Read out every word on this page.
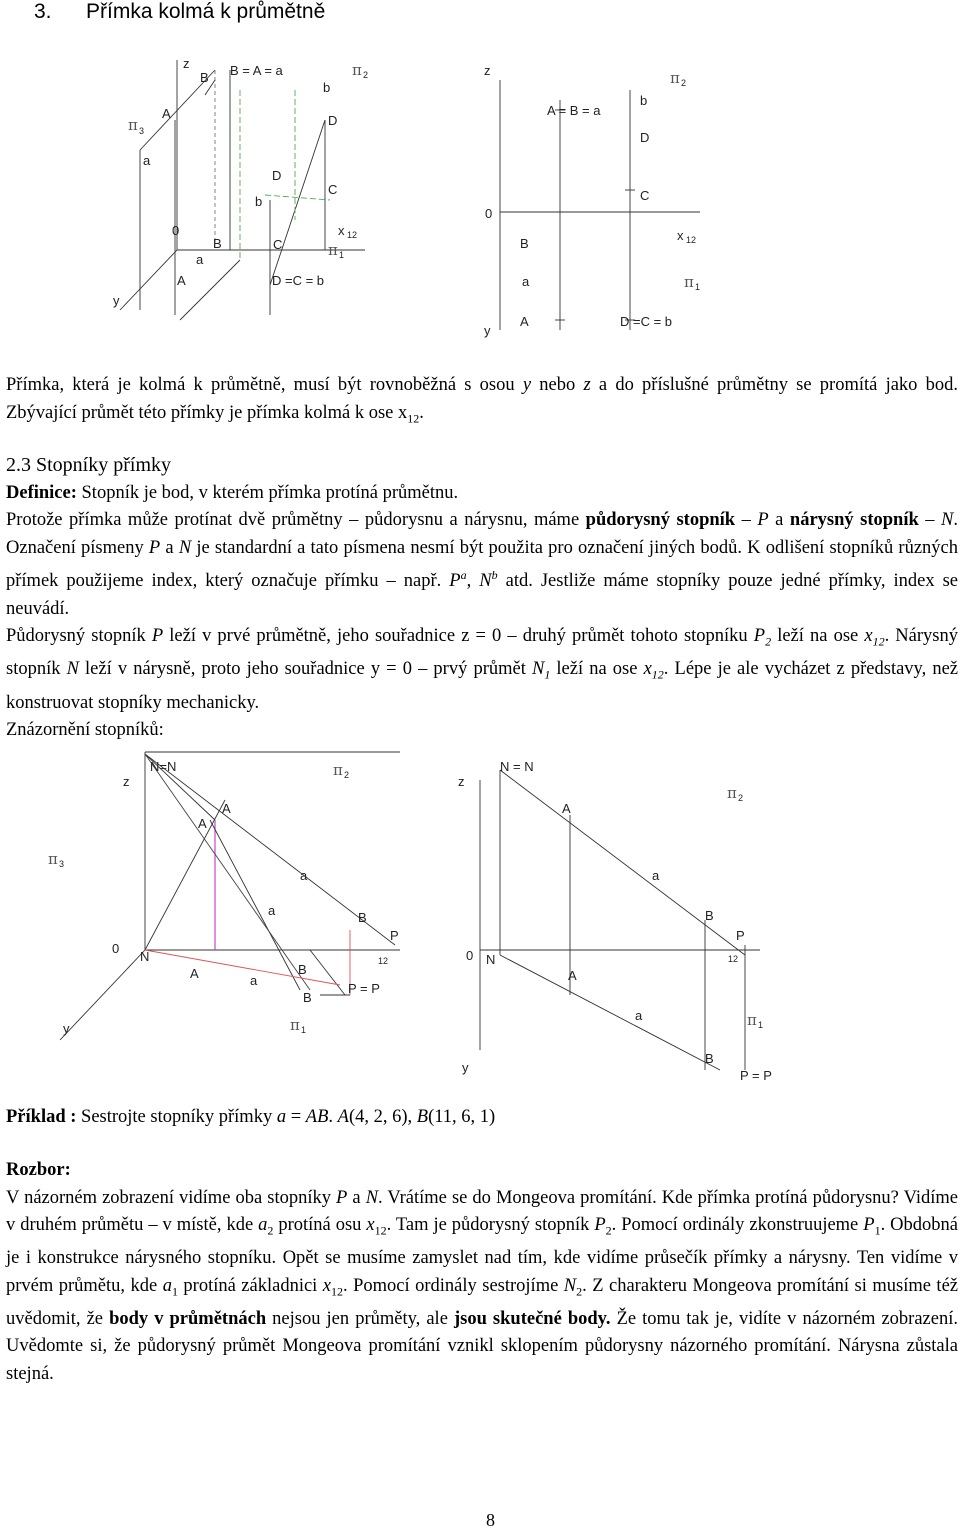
3. Přímka kolmá k průmětně
π 3
z
B B = A = a
b
π 2
A	D
a
D
C
b
0	x 12
B	C	π 1
a
A	D =C = b
y
z	π 2
b
A = B = a
D
C
0
x 12
B
π 1
a
A	D =C = b
y

Přímka, která je kolmá k průmětně, musí být rovnoběžná s osou y nebo z a do příslušné průmětny se promítá jako bod. Zbývající průmět této přímky je přímka kolmá k ose $x_{12}$.

2.3 Stopníky přímky

Definice: Stopník je bod, v kterém přímka protíná průmětnu.

Protože přímka může protínat dvě průmětny – půdorysnu a nárysnu, máme půdorysný stopník – P a nárysný stopník – N. Označení písmeny P a N je standardní a tato písmena nesmí být použita pro označení jiných bodů. K odlišení stopníků různých přímek použijeme index, který označuje přímku – např. $P^a$, $N^b$ atd. Jestliže máme stopníky pouze jedné přímky, index se neuvádí.

Půdorysný stopník P leží v prvé průmětně, jeho souřadnice z = 0 – druhý průmět tohoto stopníku $P_2$ leží na ose $x_{12}$. Nárysný stopník N leží v nárysně, proto jeho souřadnice y = 0 – prvý průmět $N_1$ leží na ose $x_{12}$. Lépe je ale vycházet z představy, než konstruovat stopníky mechanicky.

Znázornění stopníků:

N=N
z
π 2
A
A
π 3
a
a	B
P
0
N	12
A	B
a
P = P
B
π 1
y
N = N
z
π 2
A
a
B
P
0 N	12
A
a	π 1
B
P = P
y

Příklad : Sestrojte stopníky přímky a = AB. A(4, 2, 6), B(11, 6, 1)

Rozbor:

V názorném zobrazení vidíme oba stopníky P a N. Vrátíme se do Mongeova promítání. Kde přímka protíná půdorysnu? Vidíme v druhém průmětu – v místě, kde $a_2$ protíná osu $x_{12}$. Tam je půdorysný stopník $P_2$. Pomocí ordinály zkonstruujeme $P_1$. Obdobná je i konstrukce nárysného stopníku. Opět se musíme zamyslet nad tím, kde vidíme průsečík přímky a nárysny. Ten vidíme v prvém průmětu, kde $a_1$ protíná základnici $x_{12}$. Pomocí ordinály sestrojíme $N_2$. Z charakteru Mongeova promítání si musíme též uvědomit, že body v průmětnách nejsou jen průměty, ale jsou skutečné body. Že tomu tak je, vidíte v názorném zobrazení. Uvědomte si, že půdorysný průmět Mongeova promítání vznikl sklopením půdorysny názorného promítání. Nárysna zůstala stejná.

8
